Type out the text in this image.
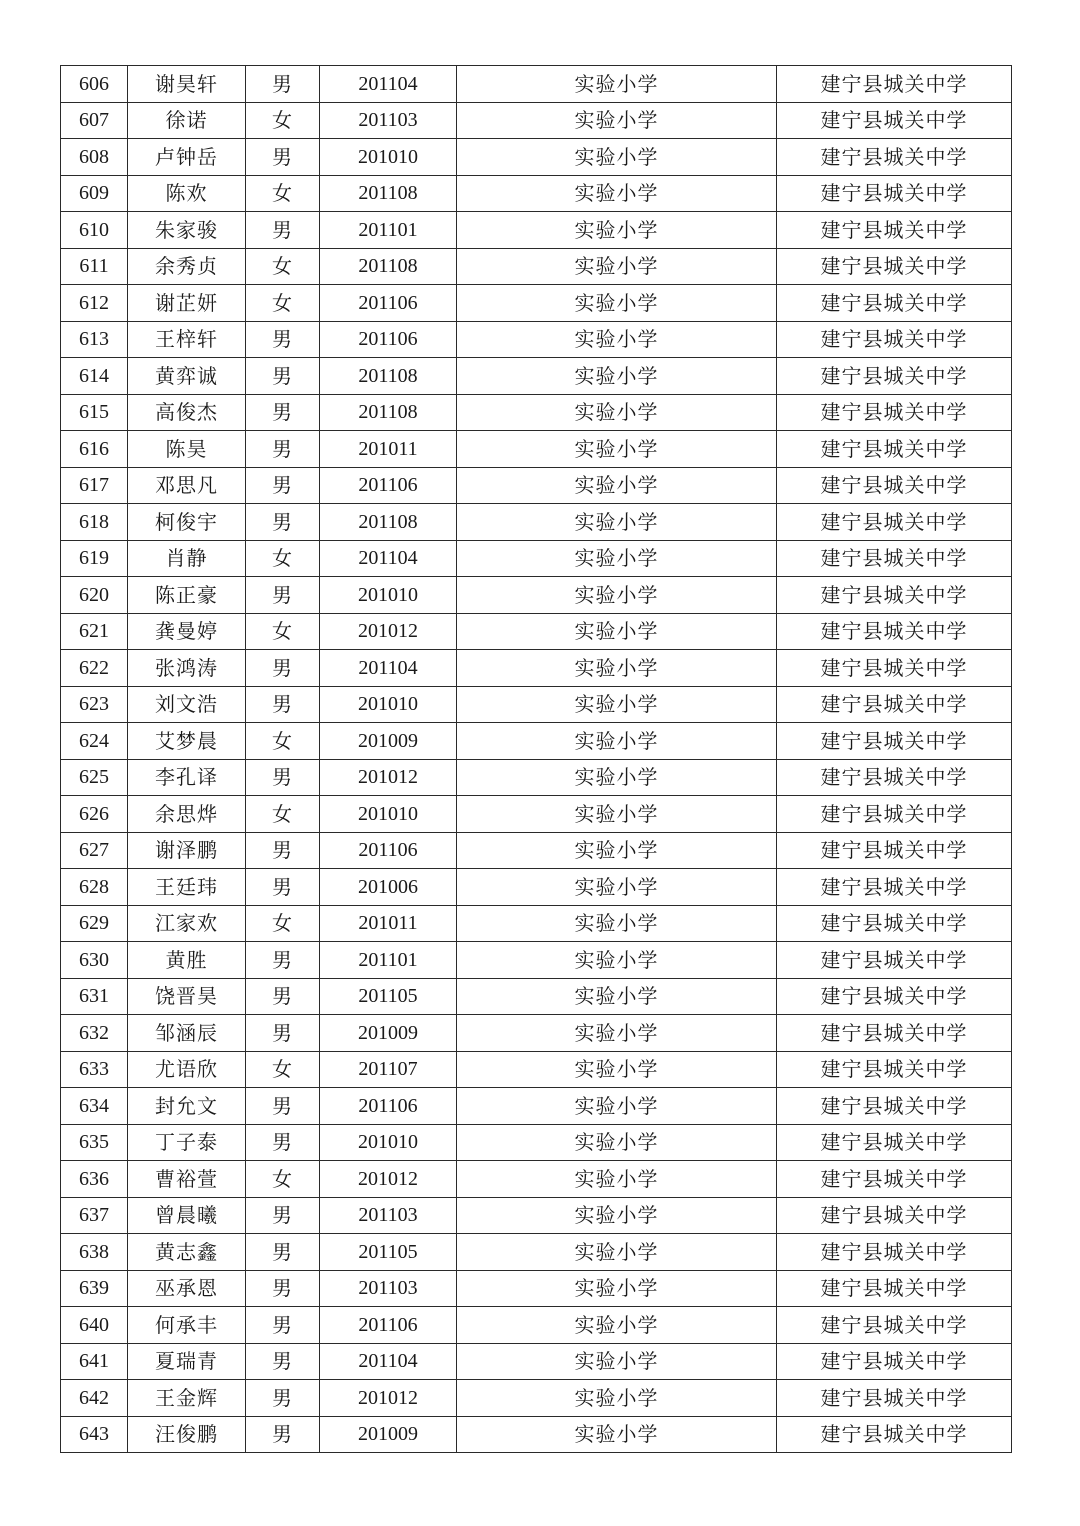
606	谢昊轩	男	201104	实验小学	建宁县城关中学
607	徐诺	女	201103	实验小学	建宁县城关中学
608	卢钟岳	男	201010	实验小学	建宁县城关中学
609	陈欢	女	201108	实验小学	建宁县城关中学
610	朱家骏	男	201101	实验小学	建宁县城关中学
611	余秀贞	女	201108	实验小学	建宁县城关中学
612	谢芷妍	女	201106	实验小学	建宁县城关中学
613	王梓轩	男	201106	实验小学	建宁县城关中学
614	黄弈诚	男	201108	实验小学	建宁县城关中学
615	高俊杰	男	201108	实验小学	建宁县城关中学
616	陈昊	男	201011	实验小学	建宁县城关中学
617	邓思凡	男	201106	实验小学	建宁县城关中学
618	柯俊宇	男	201108	实验小学	建宁县城关中学
619	肖静	女	201104	实验小学	建宁县城关中学
620	陈正豪	男	201010	实验小学	建宁县城关中学
621	龚曼婷	女	201012	实验小学	建宁县城关中学
622	张鸿涛	男	201104	实验小学	建宁县城关中学
623	刘文浩	男	201010	实验小学	建宁县城关中学
624	艾梦晨	女	201009	实验小学	建宁县城关中学
625	李孔译	男	201012	实验小学	建宁县城关中学
626	余思烨	女	201010	实验小学	建宁县城关中学
627	谢泽鹏	男	201106	实验小学	建宁县城关中学
628	王廷玮	男	201006	实验小学	建宁县城关中学
629	江家欢	女	201011	实验小学	建宁县城关中学
630	黄胜	男	201101	实验小学	建宁县城关中学
631	饶晋昊	男	201105	实验小学	建宁县城关中学
632	邹涵辰	男	201009	实验小学	建宁县城关中学
633	尤语欣	女	201107	实验小学	建宁县城关中学
634	封允文	男	201106	实验小学	建宁县城关中学
635	丁子泰	男	201010	实验小学	建宁县城关中学
636	曹裕萱	女	201012	实验小学	建宁县城关中学
637	曾晨曦	男	201103	实验小学	建宁县城关中学
638	黄志鑫	男	201105	实验小学	建宁县城关中学
639	巫承恩	男	201103	实验小学	建宁县城关中学
640	何承丰	男	201106	实验小学	建宁县城关中学
641	夏瑞青	男	201104	实验小学	建宁县城关中学
642	王金辉	男	201012	实验小学	建宁县城关中学
643	汪俊鹏	男	201009	实验小学	建宁县城关中学
